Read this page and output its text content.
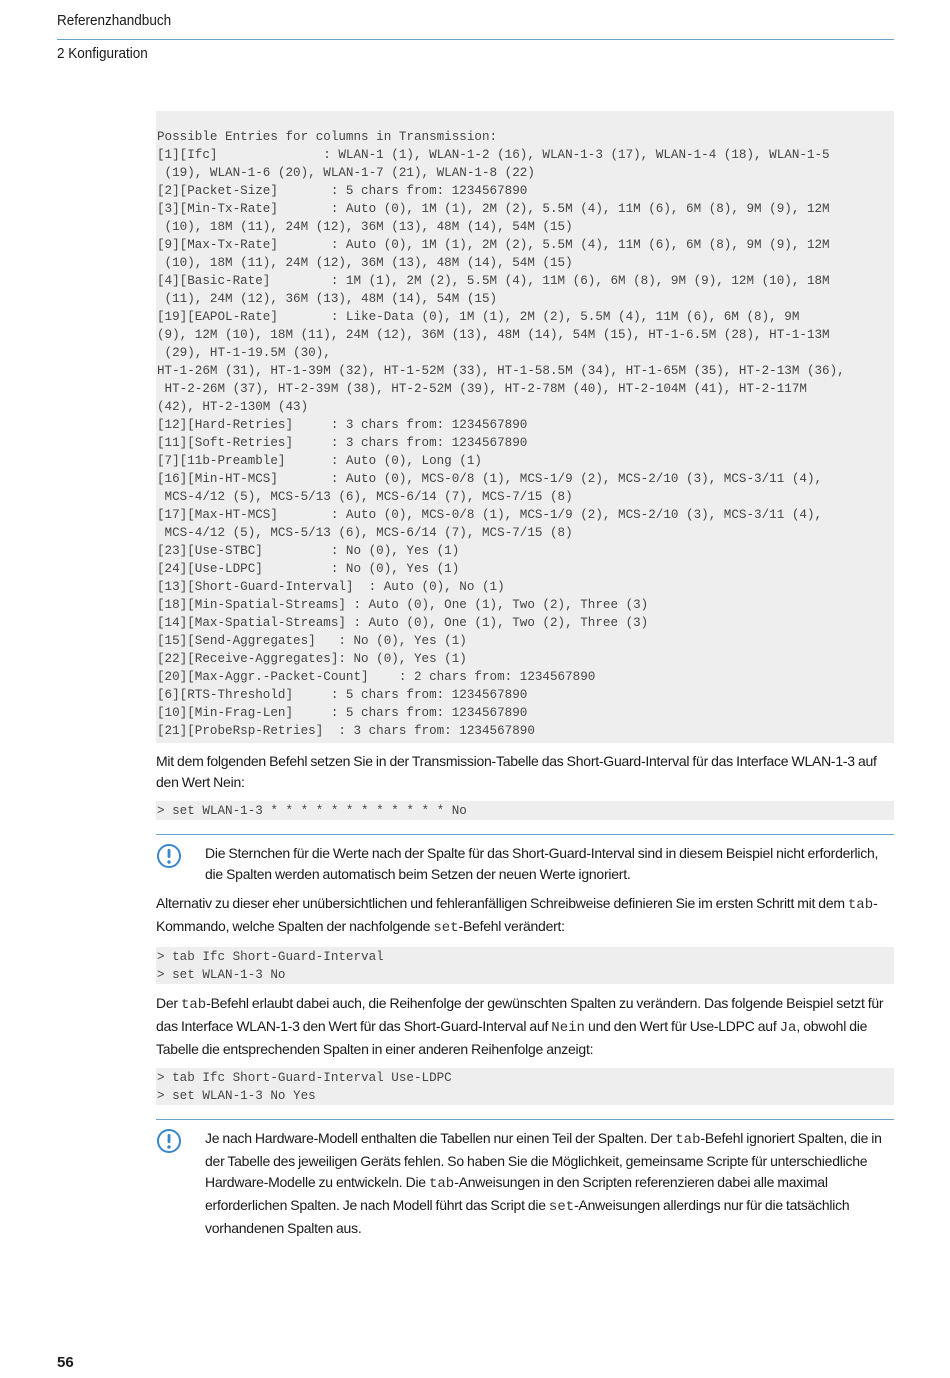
Referenzhandbuch
2 Konfiguration
Possible Entries for columns in Transmission:
[1][Ifc]              : WLAN-1 (1), WLAN-1-2 (16), WLAN-1-3 (17), WLAN-1-4 (18), WLAN-1-5
(19), WLAN-1-6 (20), WLAN-1-7 (21), WLAN-1-8 (22)
[2][Packet-Size]       : 5 chars from: 1234567890
[3][Min-Tx-Rate]       : Auto (0), 1M (1), 2M (2), 5.5M (4), 11M (6), 6M (8), 9M (9), 12M
(10), 18M (11), 24M (12), 36M (13), 48M (14), 54M (15)
[9][Max-Tx-Rate]       : Auto (0), 1M (1), 2M (2), 5.5M (4), 11M (6), 6M (8), 9M (9), 12M
(10), 18M (11), 24M (12), 36M (13), 48M (14), 54M (15)
[4][Basic-Rate]        : 1M (1), 2M (2), 5.5M (4), 11M (6), 6M (8), 9M (9), 12M (10), 18M
(11), 24M (12), 36M (13), 48M (14), 54M (15)
[19][EAPOL-Rate]       : Like-Data (0), 1M (1), 2M (2), 5.5M (4), 11M (6), 6M (8), 9M
(9), 12M (10), 18M (11), 24M (12), 36M (13), 48M (14), 54M (15), HT-1-6.5M (28), HT-1-13M
(29), HT-1-19.5M (30),
HT-1-26M (31), HT-1-39M (32), HT-1-52M (33), HT-1-58.5M (34), HT-1-65M (35), HT-2-13M (36),
HT-2-26M (37), HT-2-39M (38), HT-2-52M (39), HT-2-78M (40), HT-2-104M (41), HT-2-117M
(42), HT-2-130M (43)
[12][Hard-Retries]     : 3 chars from: 1234567890
[11][Soft-Retries]     : 3 chars from: 1234567890
[7][11b-Preamble]      : Auto (0), Long (1)
[16][Min-HT-MCS]       : Auto (0), MCS-0/8 (1), MCS-1/9 (2), MCS-2/10 (3), MCS-3/11 (4),
MCS-4/12 (5), MCS-5/13 (6), MCS-6/14 (7), MCS-7/15 (8)
[17][Max-HT-MCS]       : Auto (0), MCS-0/8 (1), MCS-1/9 (2), MCS-2/10 (3), MCS-3/11 (4),
MCS-4/12 (5), MCS-5/13 (6), MCS-6/14 (7), MCS-7/15 (8)
[23][Use-STBC]         : No (0), Yes (1)
[24][Use-LDPC]         : No (0), Yes (1)
[13][Short-Guard-Interval]  : Auto (0), No (1)
[18][Min-Spatial-Streams] : Auto (0), One (1), Two (2), Three (3)
[14][Max-Spatial-Streams] : Auto (0), One (1), Two (2), Three (3)
[15][Send-Aggregates]   : No (0), Yes (1)
[22][Receive-Aggregates]: No (0), Yes (1)
[20][Max-Aggr.-Packet-Count]    : 2 chars from: 1234567890
[6][RTS-Threshold]     : 5 chars from: 1234567890
[10][Min-Frag-Len]     : 5 chars from: 1234567890
[21][ProbeRsp-Retries]  : 3 chars from: 1234567890

Mit dem folgenden Befehl setzen Sie in der Transmission-Tabelle das Short-Guard-Interval für das Interface WLAN-1-3 auf den Wert Nein:

> set WLAN-1-3 * * * * * * * * * * * * No

Die Sternchen für die Werte nach der Spalte für das Short-Guard-Interval sind in diesem Beispiel nicht erforderlich, die Spalten werden automatisch beim Setzen der neuen Werte ignoriert.

Alternativ zu dieser eher unübersichtlichen und fehleranfälligen Schreibweise definieren Sie im ersten Schritt mit dem tab-Kommando, welche Spalten der nachfolgende set-Befehl verändert:

> tab Ifc Short-Guard-Interval
> set WLAN-1-3 No

Der tab-Befehl erlaubt dabei auch, die Reihenfolge der gewünschten Spalten zu verändern. Das folgende Beispiel setzt für das Interface WLAN-1-3 den Wert für das Short-Guard-Interval auf Nein und den Wert für Use-LDPC auf Ja, obwohl die Tabelle die entsprechenden Spalten in einer anderen Reihenfolge anzeigt:

> tab Ifc Short-Guard-Interval Use-LDPC
> set WLAN-1-3 No Yes

Je nach Hardware-Modell enthalten die Tabellen nur einen Teil der Spalten. Der tab-Befehl ignoriert Spalten, die in der Tabelle des jeweiligen Geräts fehlen. So haben Sie die Möglichkeit, gemeinsame Scripte für unterschiedliche Hardware-Modelle zu entwickeln. Die tab-Anweisungen in den Scripten referenzieren dabei alle maximal erforderlichen Spalten. Je nach Modell führt das Script die set-Anweisungen allerdings nur für die tatsächlich vorhandenen Spalten aus.

56
